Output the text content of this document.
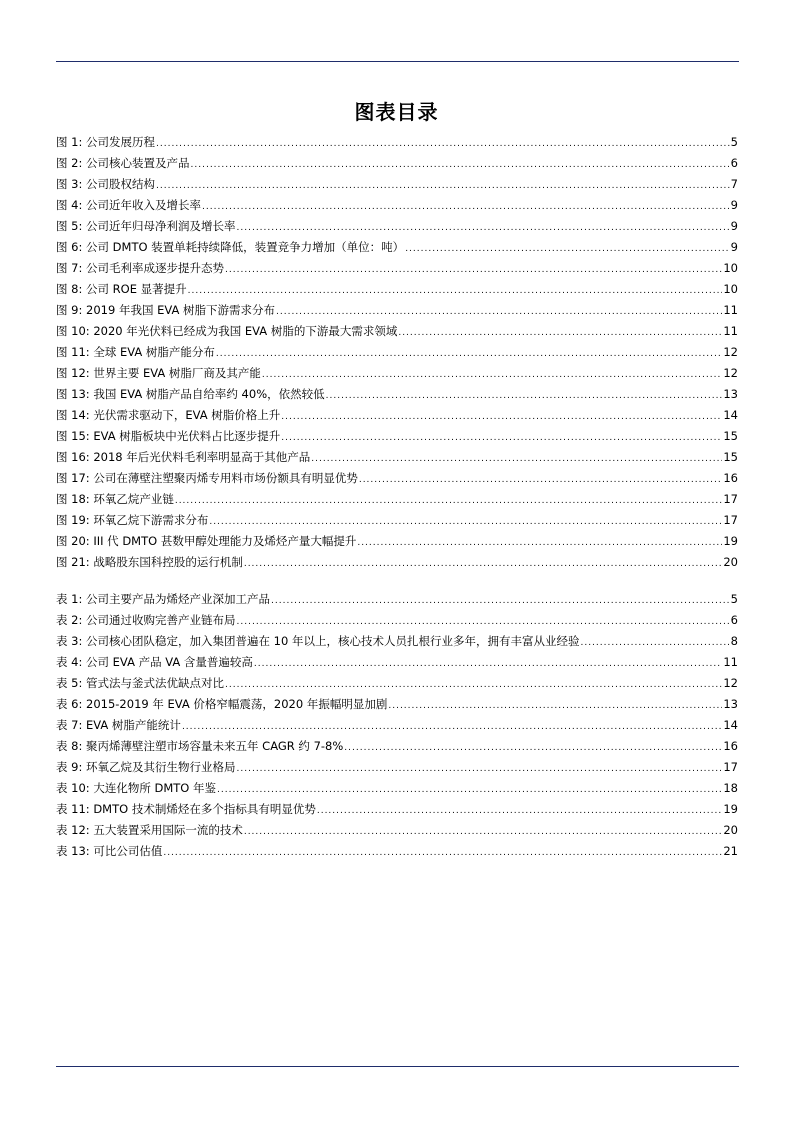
图表目录
图 1:
公司发展历程 .....	5
图 2:
公司核心装置及产品 .....	6
图 3:
公司股权结构 .....	7
图 4:
公司近年收入及增长率 .....	9
图 5:
公司近年归母净利润及增长率 .....	9
图 6:
公司 DMTO 装置单耗持续降低，装置竞争力增加（单位：吨） .....	9
图 7:
公司毛利率成逐步提升态势 .....	10
图 8:
公司 ROE 显著提升 .....	10
图 9:
2019 年我国 EVA 树脂下游需求分布 .....	11
图 10:
2020 年光伏料已经成为我国 EVA 树脂的下游最大需求领域 .....	11
图 11:
全球 EVA 树脂产能分布 .....	12
图 12:
世界主要 EVA 树脂厂商及其产能 .....	12
图 13:
我国 EVA 树脂产品自给率约 40%，依然较低 .....	13
图 14:
光伏需求驱动下，EVA 树脂价格上升 .....	14
图 15:
EVA 树脂板块中光伏料占比逐步提升 .....	15
图 16:
2018 年后光伏料毛利率明显高于其他产品 .....	15
图 17:
公司在薄壁注塑聚丙烯专用料市场份额具有明显优势 .....	16
图 18:
环氧乙烷产业链 .....	17
图 19:
环氧乙烷下游需求分布 .....	17
图 20:
III 代 DMTO 甚数甲醇处理能力及烯烃产量大幅提升 .....	19
图 21:
战略股东国科控股的运行机制 .....	20
表 1:
公司主要产品为烯烃产业深加工产品 .....	5
表 2:
公司通过收购完善产业链布局 .....	6
表 3:
公司核心团队稳定，加入集团普遍在 10 年以上，核心技术人员扎根行业多年，拥有丰富从业经验 .....	8
表 4:
公司 EVA 产品 VA 含量普遍较高 .....	11
表 5:
管式法与釜式法优缺点对比 .....	12
表 6:
2015-2019 年 EVA 价格窄幅震荡，2020 年振幅明显加剧 .....	13
表 7:
EVA 树脂产能统计 .....	14
表 8:
聚丙烯薄壁注塑市场容量未来五年 CAGR 约 7-8% .....	16
表 9:
环氧乙烷及其衍生物行业格局 .....	17
表 10:
大连化物所 DMTO 年鉴 .....	18
表 11:
DMTO 技术制烯烃在多个指标具有明显优势 .....	19
表 12:
五大装置采用国际一流的技术 .....	20
表 13:
可比公司估值 .....	21
